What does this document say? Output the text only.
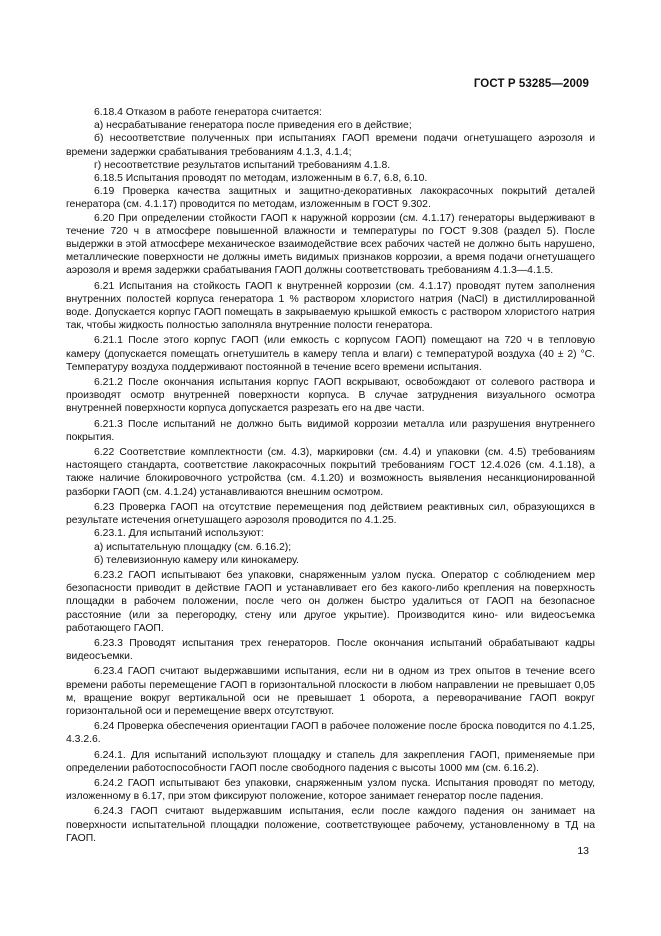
ГОСТ Р 53285—2009

6.18.4 Отказом в работе генератора считается:

а) несрабатывание генератора после приведения его в действие;

б) несоответствие полученных при испытаниях ГАОП времени подачи огнетушащего аэрозоля и времени задержки срабатывания требованиям 4.1.3, 4.1.4;

г) несоответствие результатов испытаний требованиям 4.1.8.

6.18.5 Испытания проводят по методам, изложенным в 6.7, 6.8, 6.10.

6.19 Проверка качества защитных и защитно-декоративных лакокрасочных покрытий деталей генератора (см. 4.1.17) проводится по методам, изложенным в ГОСТ 9.302.

6.20 При определении стойкости ГАОП к наружной коррозии (см. 4.1.17) генераторы выдерживают в течение 720 ч в атмосфере повышенной влажности и температуры по ГОСТ 9.308 (раздел 5). После выдержки в этой атмосфере механическое взаимодействие всех рабочих частей не должно быть нарушено, металлические поверхности не должны иметь видимых признаков коррозии, а время подачи огнетушащего аэрозоля и время задержки срабатывания ГАОП должны соответствовать требованиям 4.1.3—4.1.5.

6.21 Испытания на стойкость ГАОП к внутренней коррозии (см. 4.1.17) проводят путем заполнения внутренних полостей корпуса генератора 1 % раствором хлористого натрия (NaCl) в дистиллированной воде. Допускается корпус ГАОП помещать в закрываемую крышкой емкость с раствором хлористого натрия так, чтобы жидкость полностью заполняла внутренние полости генератора.

6.21.1 После этого корпус ГАОП (или емкость с корпусом ГАОП) помещают на 720 ч в тепловую камеру (допускается помещать огнетушитель в камеру тепла и влаги) с температурой воздуха (40 ± 2) °С. Температуру воздуха поддерживают постоянной в течение всего времени испытания.

6.21.2 После окончания испытания корпус ГАОП вскрывают, освобождают от солевого раствора и производят осмотр внутренней поверхности корпуса. В случае затруднения визуального осмотра внутренней поверхности корпуса допускается разрезать его на две части.

6.21.3 После испытаний не должно быть видимой коррозии металла или разрушения внутреннего покрытия.

6.22 Соответствие комплектности (см. 4.3), маркировки (см. 4.4) и упаковки (см. 4.5) требованиям настоящего стандарта, соответствие лакокрасочных покрытий требованиям ГОСТ 12.4.026 (см. 4.1.18), а также наличие блокировочного устройства (см. 4.1.20) и возможность выявления несанкционированной разборки ГАОП (см. 4.1.24) устанавливаются внешним осмотром.

6.23 Проверка ГАОП на отсутствие перемещения под действием реактивных сил, образующихся в результате истечения огнетушащего аэрозоля проводится по 4.1.25.

6.23.1. Для испытаний используют:

а) испытательную площадку (см. 6.16.2);

б) телевизионную камеру или кинокамеру.

6.23.2 ГАОП испытывают без упаковки, снаряженным узлом пуска. Оператор с соблюдением мер безопасности приводит в действие ГАОП и устанавливает его без какого-либо крепления на поверхность площадки в рабочем положении, после чего он должен быстро удалиться от ГАОП на безопасное расстояние (или за перегородку, стену или другое укрытие). Производится кино- или видеосъемка работающего ГАОП.

6.23.3 Проводят испытания трех генераторов. После окончания испытаний обрабатывают кадры видеосъемки.

6.23.4 ГАОП считают выдержавшими испытания, если ни в одном из трех опытов в течение всего времени работы перемещение ГАОП в горизонтальной плоскости в любом направлении не превышает 0,05 м, вращение вокруг вертикальной оси не превышает 1 оборота, а переворачивание ГАОП вокруг горизонтальной оси и перемещение вверх отсутствуют.

6.24 Проверка обеспечения ориентации ГАОП в рабочее положение после броска поводится по 4.1.25, 4.3.2.6.

6.24.1. Для испытаний используют площадку и стапель для закрепления ГАОП, применяемые при определении работоспособности ГАОП после свободного падения с высоты 1000 мм (см. 6.16.2).

6.24.2 ГАОП испытывают без упаковки, снаряженным узлом пуска. Испытания проводят по методу, изложенному в 6.17, при этом фиксируют положение, которое занимает генератор после падения.

6.24.3 ГАОП считают выдержавшим испытания, если после каждого падения он занимает на поверхности испытательной площадки положение, соответствующее рабочему, установленному в ТД на ГАОП.

13
